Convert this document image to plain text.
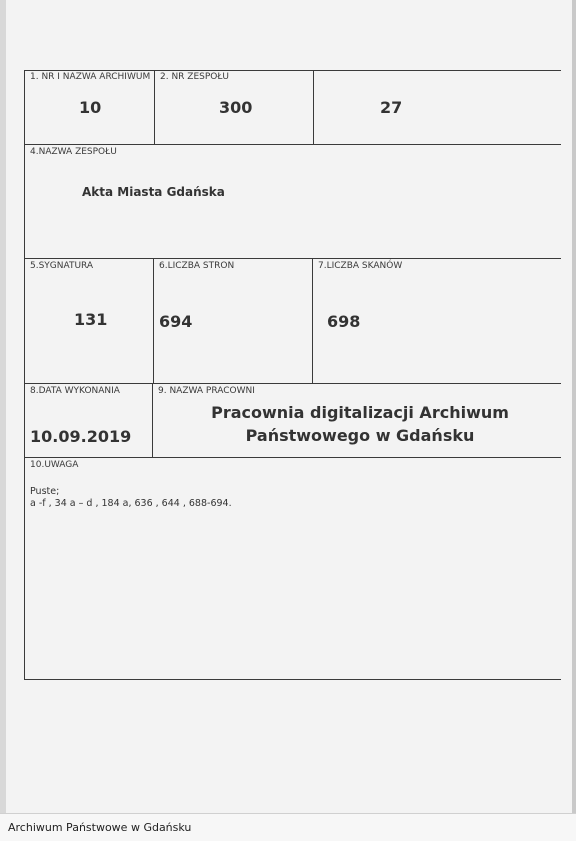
1. NR I NAZWA ARCHIWUM
10
2. NR ZESPOŁU
300	27
4.NAZWA ZESPOŁU
Akta Miasta Gdańska
5.SYGNATURA
131
6.LICZBA STRON
694
7.LICZBA SKANÓW
698
8.DATA WYKONANIA
10.09.2019
9. NAZWA PRACOWNI
Pracownia digitalizacji Archiwum Państwowego w Gdańsku
10.UWAGA
Puste;
a -f , 34 a – d , 184 a, 636 , 644 , 688-694.
Archiwum Państwowe w Gdańsku
